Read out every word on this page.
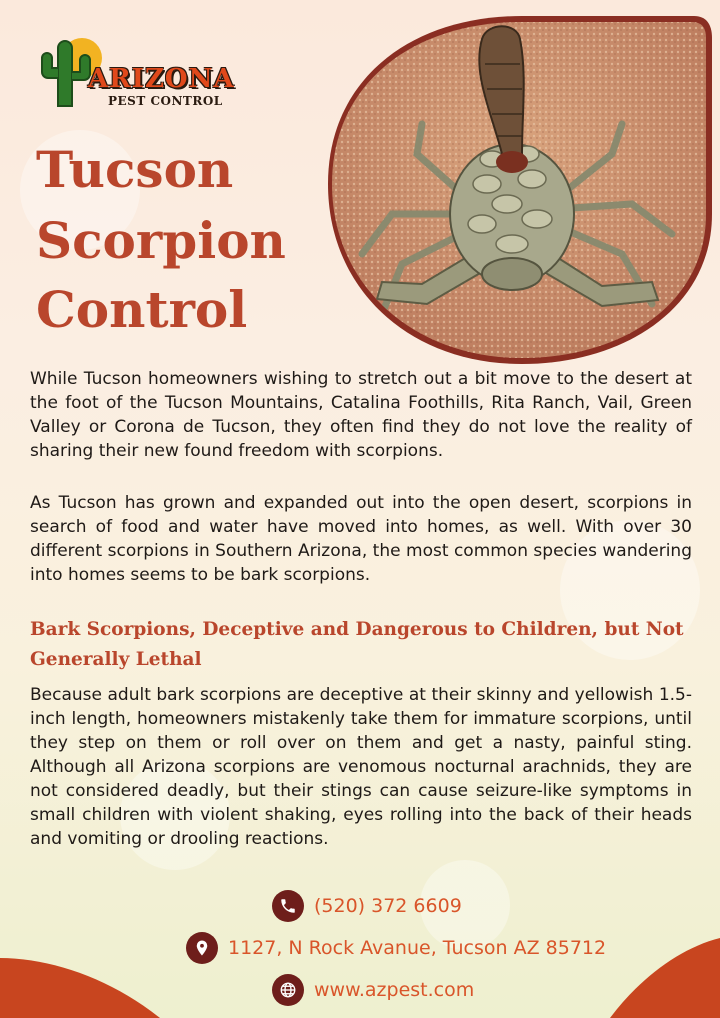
ARIZONA
PEST CONTROL
Tucson
Scorpion
Control

While Tucson homeowners wishing to stretch out a bit move to the desert at the foot of the Tucson Mountains, Catalina Foothills, Rita Ranch, Vail, Green Valley or Corona de Tucson, they often find they do not love the reality of sharing their new found freedom with scorpions.

As Tucson has grown and expanded out into the open desert, scorpions in search of food and water have moved into homes, as well. With over 30 different scorpions in Southern Arizona, the most common species wandering into homes seems to be bark scorpions.

Bark Scorpions, Deceptive and Dangerous to Children, but Not Generally Lethal

Because adult bark scorpions are deceptive at their skinny and yellowish 1.5-inch length, homeowners mistakenly take them for immature scorpions, until they step on them or roll over on them and get a nasty, painful sting. Although all Arizona scorpions are venomous nocturnal arachnids, they are not considered deadly, but their stings can cause seizure-like symptoms in small children with violent shaking, eyes rolling into the back of their heads and vomiting or drooling reactions.

(520) 372 6609
1127, N Rock Avanue, Tucson AZ 85712
www.azpest.com
